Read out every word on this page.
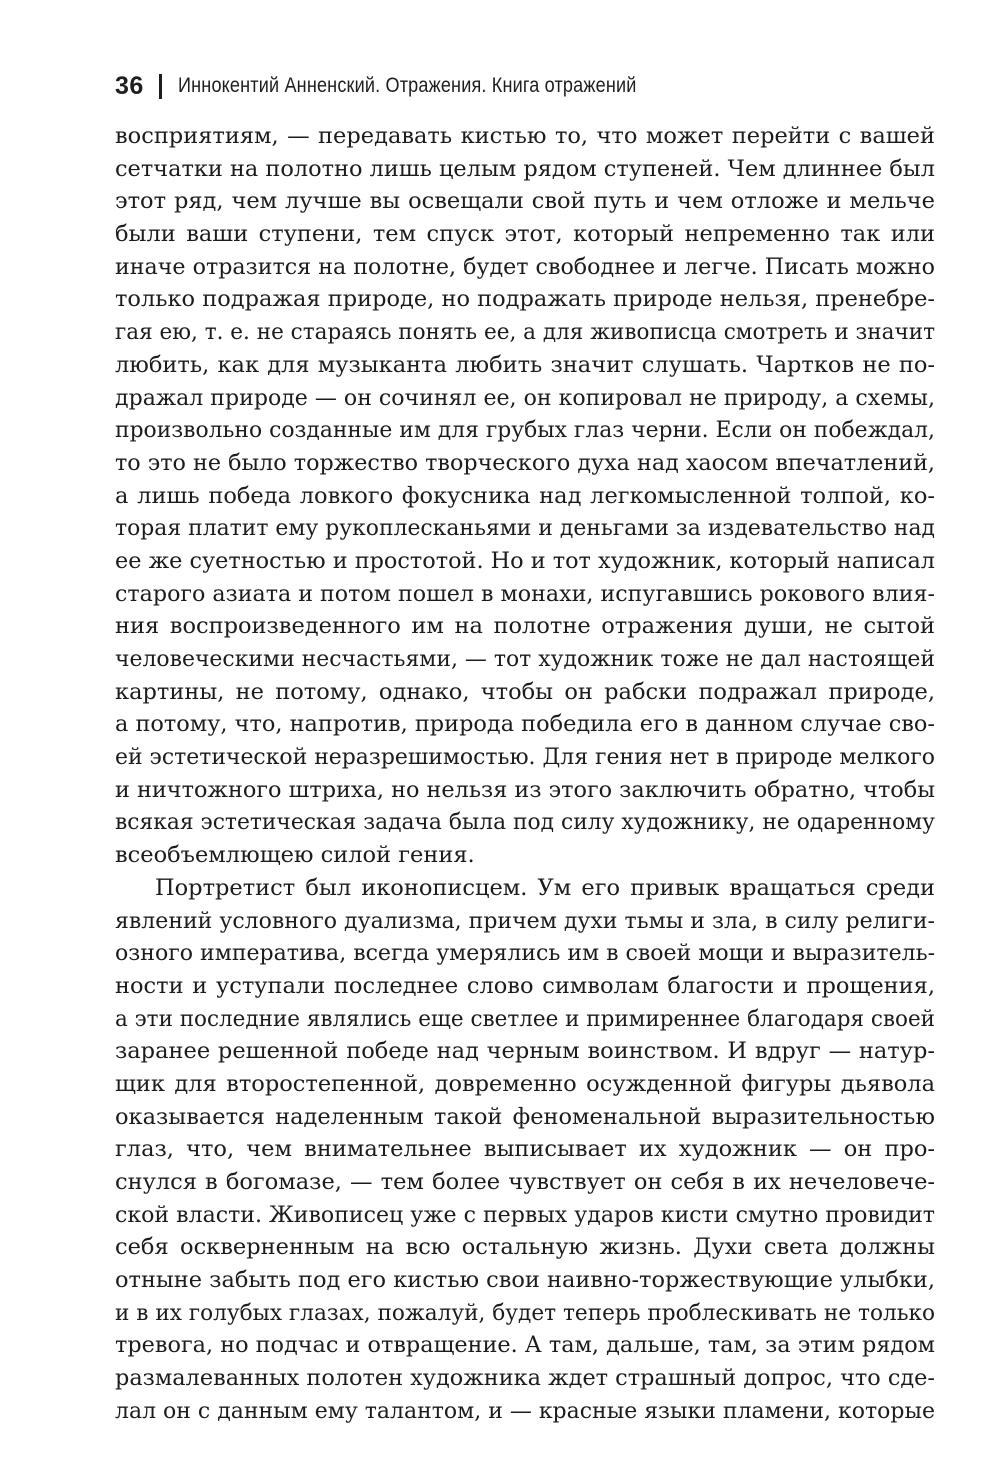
36 Иннокентий Анненский. Отражения. Книга отражений
восприятиям, — передавать кистью то, что может перейти с вашей
сетчатки на полотно лишь целым рядом ступеней. Чем длиннее был
этот ряд, чем лучше вы освещали свой путь и чем отложе и мельче
были ваши ступени, тем спуск этот, который непременно так или
иначе отразится на полотне, будет свободнее и легче. Писать можно
только подражая природе, но подражать природе нельзя, пренебре-
гая ею, т. е. не стараясь понять ее, а для живописца смотреть и значит
любить, как для музыканта любить значит слушать. Чартков не по-
дражал природе — он сочинял ее, он копировал не природу, а схемы,
произвольно созданные им для грубых глаз черни. Если он побеждал,
то это не было торжество творческого духа над хаосом впечатлений,
а лишь победа ловкого фокусника над легкомысленной толпой, ко-
торая платит ему рукоплесканьями и деньгами за издевательство над
ее же суетностью и простотой. Но и тот художник, который написал
старого азиата и потом пошел в монахи, испугавшись рокового влия-
ния воспроизведенного им на полотне отражения души, не сытой
человеческими несчастьями, — тот художник тоже не дал настоящей
картины, не потому, однако, чтобы он рабски подражал природе,
а потому, что, напротив, природа победила его в данном случае сво-
ей эстетической неразрешимостью. Для гения нет в природе мелкого
и ничтожного штриха, но нельзя из этого заключить обратно, чтобы
всякая эстетическая задача была под силу художнику, не одаренному
всеобъемлющею силой гения.
Портретист был иконописцем. Ум его привык вращаться среди
явлений условного дуализма, причем духи тьмы и зла, в силу религи-
озного императива, всегда умерялись им в своей мощи и выразитель-
ности и уступали последнее слово символам благости и прощения,
а эти последние являлись еще светлее и примиреннее благодаря своей
заранее решенной победе над черным воинством. И вдруг — натур-
щик для второстепенной, довременно осужденной фигуры дьявола
оказывается наделенным такой феноменальной выразительностью
глаз, что, чем внимательнее выписывает их художник — он про-
снулся в богомазе, — тем более чувствует он себя в их нечеловече-
ской власти. Живописец уже с первых ударов кисти смутно провидит
себя оскверненным на всю остальную жизнь. Духи света должны
отныне забыть под его кистью свои наивно-торжествующие улыбки,
и в их голубых глазах, пожалуй, будет теперь проблескивать не только
тревога, но подчас и отвращение. А там, дальше, там, за этим рядом
размалеванных полотен художника ждет страшный допрос, что сде-
лал он с данным ему талантом, и — красные языки пламени, которые
